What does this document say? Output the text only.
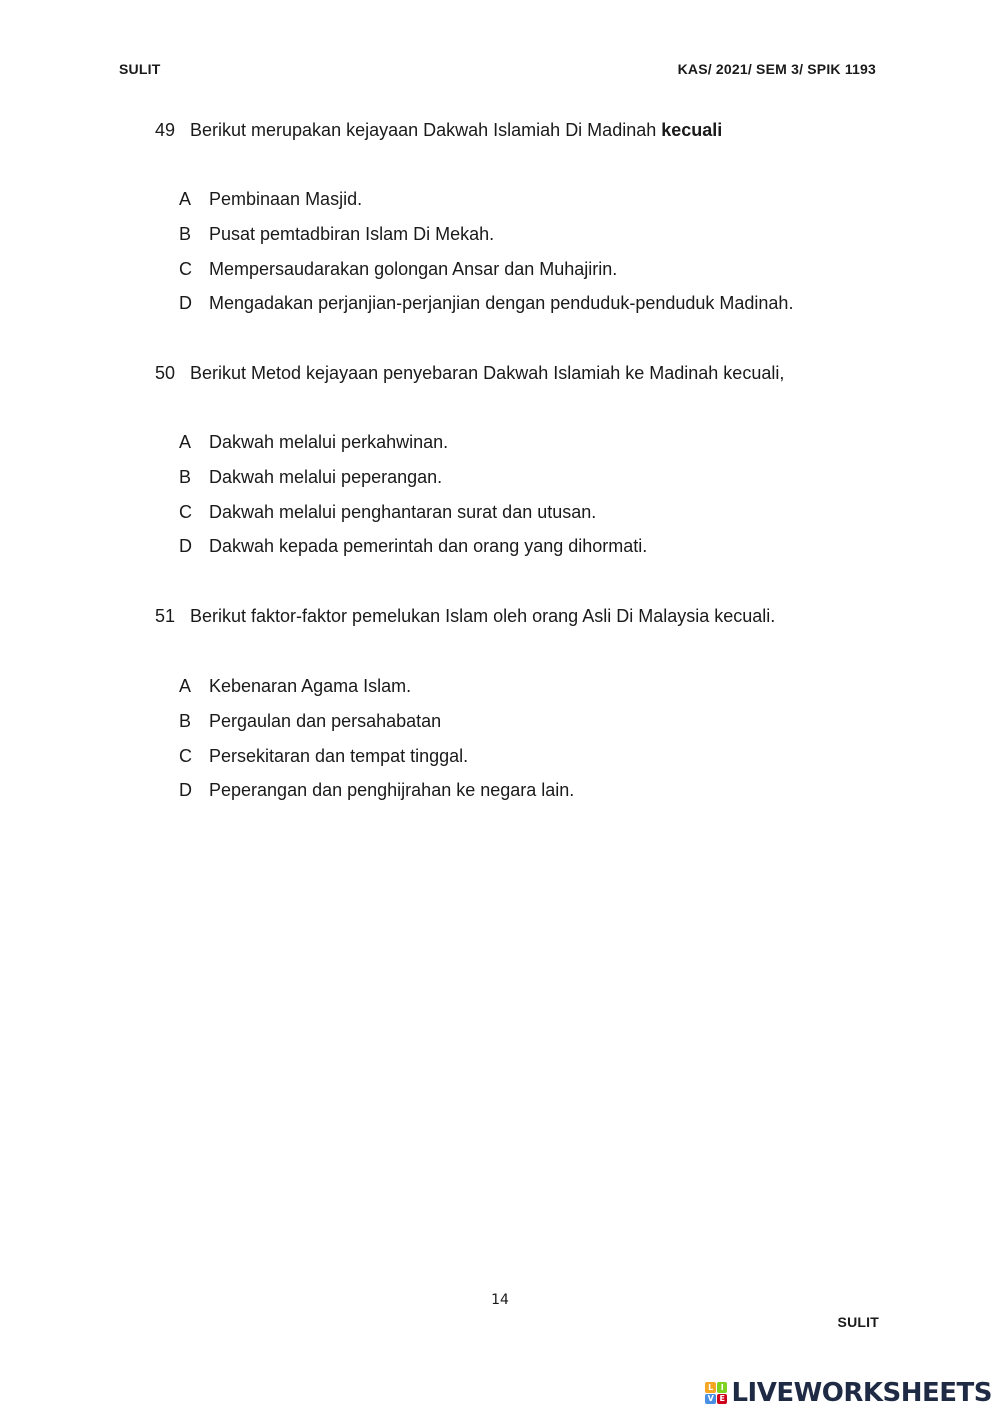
SULIT	KAS/ 2021/ SEM 3/ SPIK 1193
49 Berikut merupakan kejayaan Dakwah Islamiah Di Madinah kecuali
A Pembinaan Masjid.
B Pusat pemtadbiran Islam Di Mekah.
C Mempersaudarakan golongan Ansar dan Muhajirin.
D Mengadakan perjanjian-perjanjian dengan penduduk-penduduk Madinah.
50 Berikut Metod kejayaan penyebaran Dakwah Islamiah ke Madinah kecuali,
A Dakwah melalui perkahwinan.
B Dakwah melalui peperangan.
C Dakwah melalui penghantaran surat dan utusan.
D Dakwah kepada pemerintah dan orang yang dihormati.
51 Berikut faktor-faktor pemelukan Islam oleh orang Asli Di Malaysia kecuali.
A Kebenaran Agama Islam.
B Pergaulan dan persahabatan
C Persekitaran dan tempat tinggal.
D Peperangan dan penghijrahan ke negara lain.
14
SULIT
L I
V E LIVEWORKSHEETS
